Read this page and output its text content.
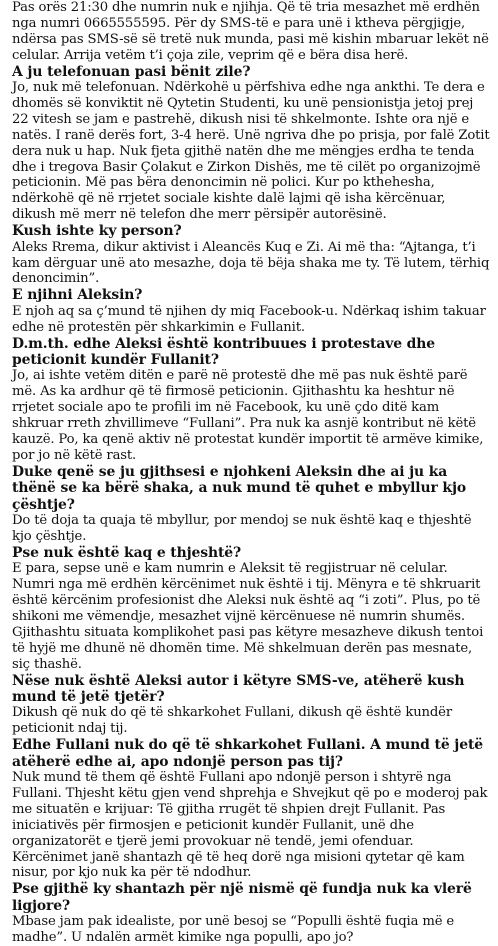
Pas orës 21:30 dhe numrin nuk e njihja. Që të tria mesazhet më erdhën nga numri 0665555595. Për dy SMS-të e para unë i ktheva përgjigje, ndërsa pas SMS-së së tretë nuk munda, pasi më kishin mbaruar lekët në celular. Arrija vetëm t’i çoja zile, veprim që e bëra disa herë.

A ju telefonuan pasi bënit zile?

Jo, nuk më telefonuan. Ndërkohë u përfshiva edhe nga ankthi. Te dera e dhomës së konviktit në Qytetin Studenti, ku unë pensionistja jetoj prej 22 vitesh se jam e pastrehë, dikush nisi të shkelmonte. Ishte ora një e natës. I ranë derës fort, 3-4 herë. Unë ngriva dhe po prisja, por falë Zotit dera nuk u hap. Nuk fjeta gjithë natën dhe me mëngjes erdha te tenda dhe i tregova Basir Çolakut e Zirkon Dishës, me të cilët po organizojmë peticionin. Më pas bëra denoncimin në polici. Kur po kthehesha, ndërkohë që në rrjetet sociale kishte dalë lajmi që isha kërcënuar, dikush më merr në telefon dhe merr përsipër autorësinë.

Kush ishte ky person?

Aleks Rrema, dikur aktivist i Aleancës Kuq e Zi. Ai më tha: “Ajtanga, t’i kam dërguar unë ato mesazhe, doja të bëja shaka me ty. Të lutem, tërhiq denoncimin”.

E njihni Aleksin?

E njoh aq sa ç’mund të njihen dy miq Facebook-u. Ndërkaq ishim takuar edhe në protestën për shkarkimin e Fullanit.

D.m.th. edhe Aleksi është kontribuues i protestave dhe peticionit kundër Fullanit?

Jo, ai ishte vetëm ditën e parë në protestë dhe më pas nuk është parë më. As ka ardhur që të firmosë peticionin. Gjithashtu ka heshtur në rrjetet sociale apo te profili im në Facebook, ku unë çdo ditë kam shkruar rreth zhvillimeve “Fullani”. Pra nuk ka asnjë kontribut në këtë kauzë. Po, ka qenë aktiv në protestat kundër importit të armëve kimike, por jo në këtë rast.

Duke qenë se ju gjithsesi e njohkeni Aleksin dhe ai ju ka thënë se ka bërë shaka, a nuk mund të quhet e mbyllur kjo çështje?

Do të doja ta quaja të mbyllur, por mendoj se nuk është kaq e thjeshtë kjo çështje.

Pse nuk është kaq e thjeshtë?

E para, sepse unë e kam numrin e Aleksit të regjistruar në celular. Numri nga më erdhën kërcënimet nuk është i tij. Mënyra e të shkruarit është kërcënim profesionist dhe Aleksi nuk është aq “i zoti”. Plus, po të shikoni me vëmendje, mesazhet vijnë kërcënuese në numrin shumës. Gjithashtu situata komplikohet pasi pas këtyre mesazheve dikush tentoi të hyjë me dhunë në dhomën time. Më shkelmuan derën pas mesnate, siç thashë.

Nëse nuk është Aleksi autor i këtyre SMS-ve, atëherë kush mund të jetë tjetër?

Dikush që nuk do që të shkarkohet Fullani, dikush që është kundër peticionit ndaj tij.

Edhe Fullani nuk do që të shkarkohet Fullani. A mund të jetë atëherë edhe ai, apo ndonjë person pas tij?

Nuk mund të them që është Fullani apo ndonjë person i shtyrë nga Fullani. Thjesht këtu gjen vend shprehja e Shvejkut që po e moderoj pak me situatën e krijuar: Të gjitha rrugët të shpien drejt Fullanit. Pas iniciativës për firmosjen e peticionit kundër Fullanit, unë dhe organizatorët e tjerë jemi provokuar në tendë, jemi ofenduar. Kërcënimet janë shantazh që të heq dorë nga misioni qytetar që kam nisur, por kjo nuk ka për të ndodhur.

Pse gjithë ky shantazh për një nismë që fundja nuk ka vlerë ligjore?

Mbase jam pak idealiste, por unë besoj se “Populli është fuqia më e madhe”. U ndalën armët kimike nga populli, apo jo?
